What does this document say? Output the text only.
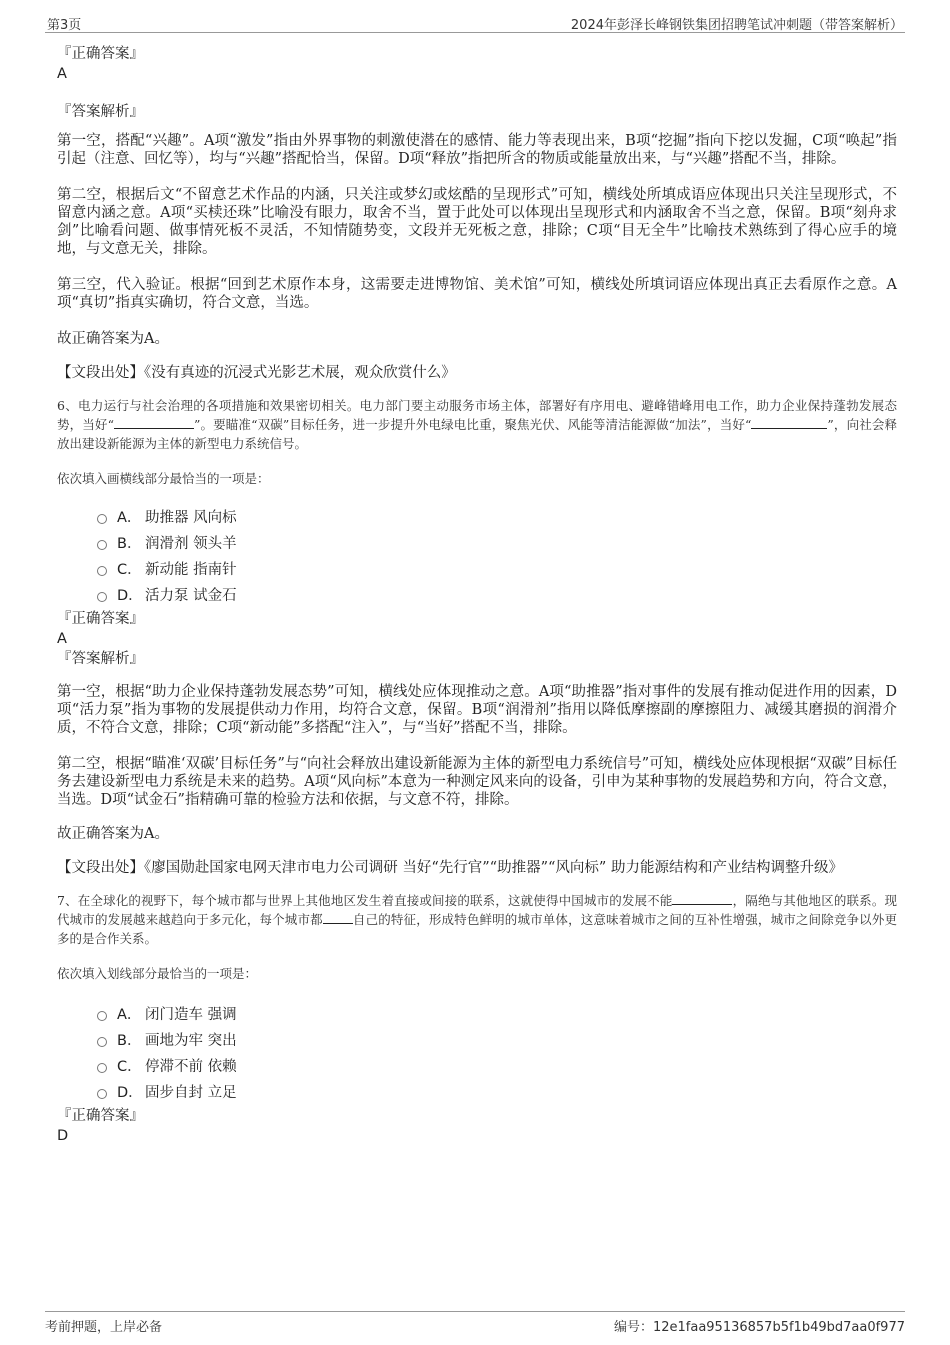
第3页	2024年彭泽长峰钢铁集团招聘笔试冲刺题（带答案解析）

『正确答案』

A

『答案解析』

第一空，搭配“兴趣”。A项“激发”指由外界事物的刺激使潜在的感情、能力等表现出来，B项“挖掘”指向下挖以发掘，C项“唤起”指引起（注意、回忆等），均与“兴趣”搭配恰当，保留。D项“释放”指把所含的物质或能量放出来，与“兴趣”搭配不当，排除。

第二空，根据后文“不留意艺术作品的内涵，只关注或梦幻或炫酷的呈现形式”可知，横线处所填成语应体现出只关注呈现形式，不留意内涵之意。A项“买椟还珠”比喻没有眼力，取舍不当，置于此处可以体现出呈现形式和内涵取舍不当之意，保留。B项“刻舟求剑”比喻看问题、做事情死板不灵活，不知情随势变，文段并无死板之意，排除；C项“目无全牛”比喻技术熟练到了得心应手的境地，与文意无关，排除。

第三空，代入验证。根据“回到艺术原作本身，这需要走进博物馆、美术馆”可知，横线处所填词语应体现出真正去看原作之意。A项“真切”指真实确切，符合文意，当选。

故正确答案为A。

【文段出处】《没有真迹的沉浸式光影艺术展，观众欣赏什么》

6、电力运行与社会治理的各项措施和效果密切相关。电力部门要主动服务市场主体，部署好有序用电、避峰错峰用电工作，助力企业保持蓬勃发展态势，当好“	”。要瞄准“双碳”目标任务，进一步提升外电绿电比重，聚焦光伏、风能等清洁能源做“加法”，当好“	”，向社会释放出建设新能源为主体的新型电力系统信号。

依次填入画横线部分最恰当的一项是：

A． 助推器 风向标
B． 润滑剂 领头羊
C． 新动能 指南针
D． 活力泵 试金石

『正确答案』

A

『答案解析』

第一空，根据“助力企业保持蓬勃发展态势”可知，横线处应体现推动之意。A项“助推器”指对事件的发展有推动促进作用的因素，D项“活力泵”指为事物的发展提供动力作用，均符合文意，保留。B项“润滑剂”指用以降低摩擦副的摩擦阻力、减缓其磨损的润滑介质，不符合文意，排除；C项“新动能”多搭配“注入”，与“当好”搭配不当，排除。

第二空，根据“瞄准‘双碳’目标任务”与“向社会释放出建设新能源为主体的新型电力系统信号”可知，横线处应体现根据“双碳”目标任务去建设新型电力系统是未来的趋势。A项“风向标”本意为一种测定风来向的设备，引申为某种事物的发展趋势和方向，符合文意，当选。D项“试金石”指精确可靠的检验方法和依据，与文意不符，排除。

故正确答案为A。

【文段出处】《廖国勋赴国家电网天津市电力公司调研 当好“先行官”“助推器”“风向标” 助力能源结构和产业结构调整升级》

7、在全球化的视野下，每个城市都与世界上其他地区发生着直接或间接的联系，这就使得中国城市的发展不能	，隔绝与其他地区的联系。现代城市的发展越来越趋向于多元化，每个城市都 自己的特征，形成特色鲜明的城市单体，这意味着城市之间的互补性增强，城市之间除竞争以外更多的是合作关系。

依次填入划线部分最恰当的一项是：

A． 闭门造车 强调
B． 画地为牢 突出
C． 停滞不前 依赖
D． 固步自封 立足

『正确答案』

D

考前押题，上岸必备	编号：12e1faa95136857b5f1b49bd7aa0f977
